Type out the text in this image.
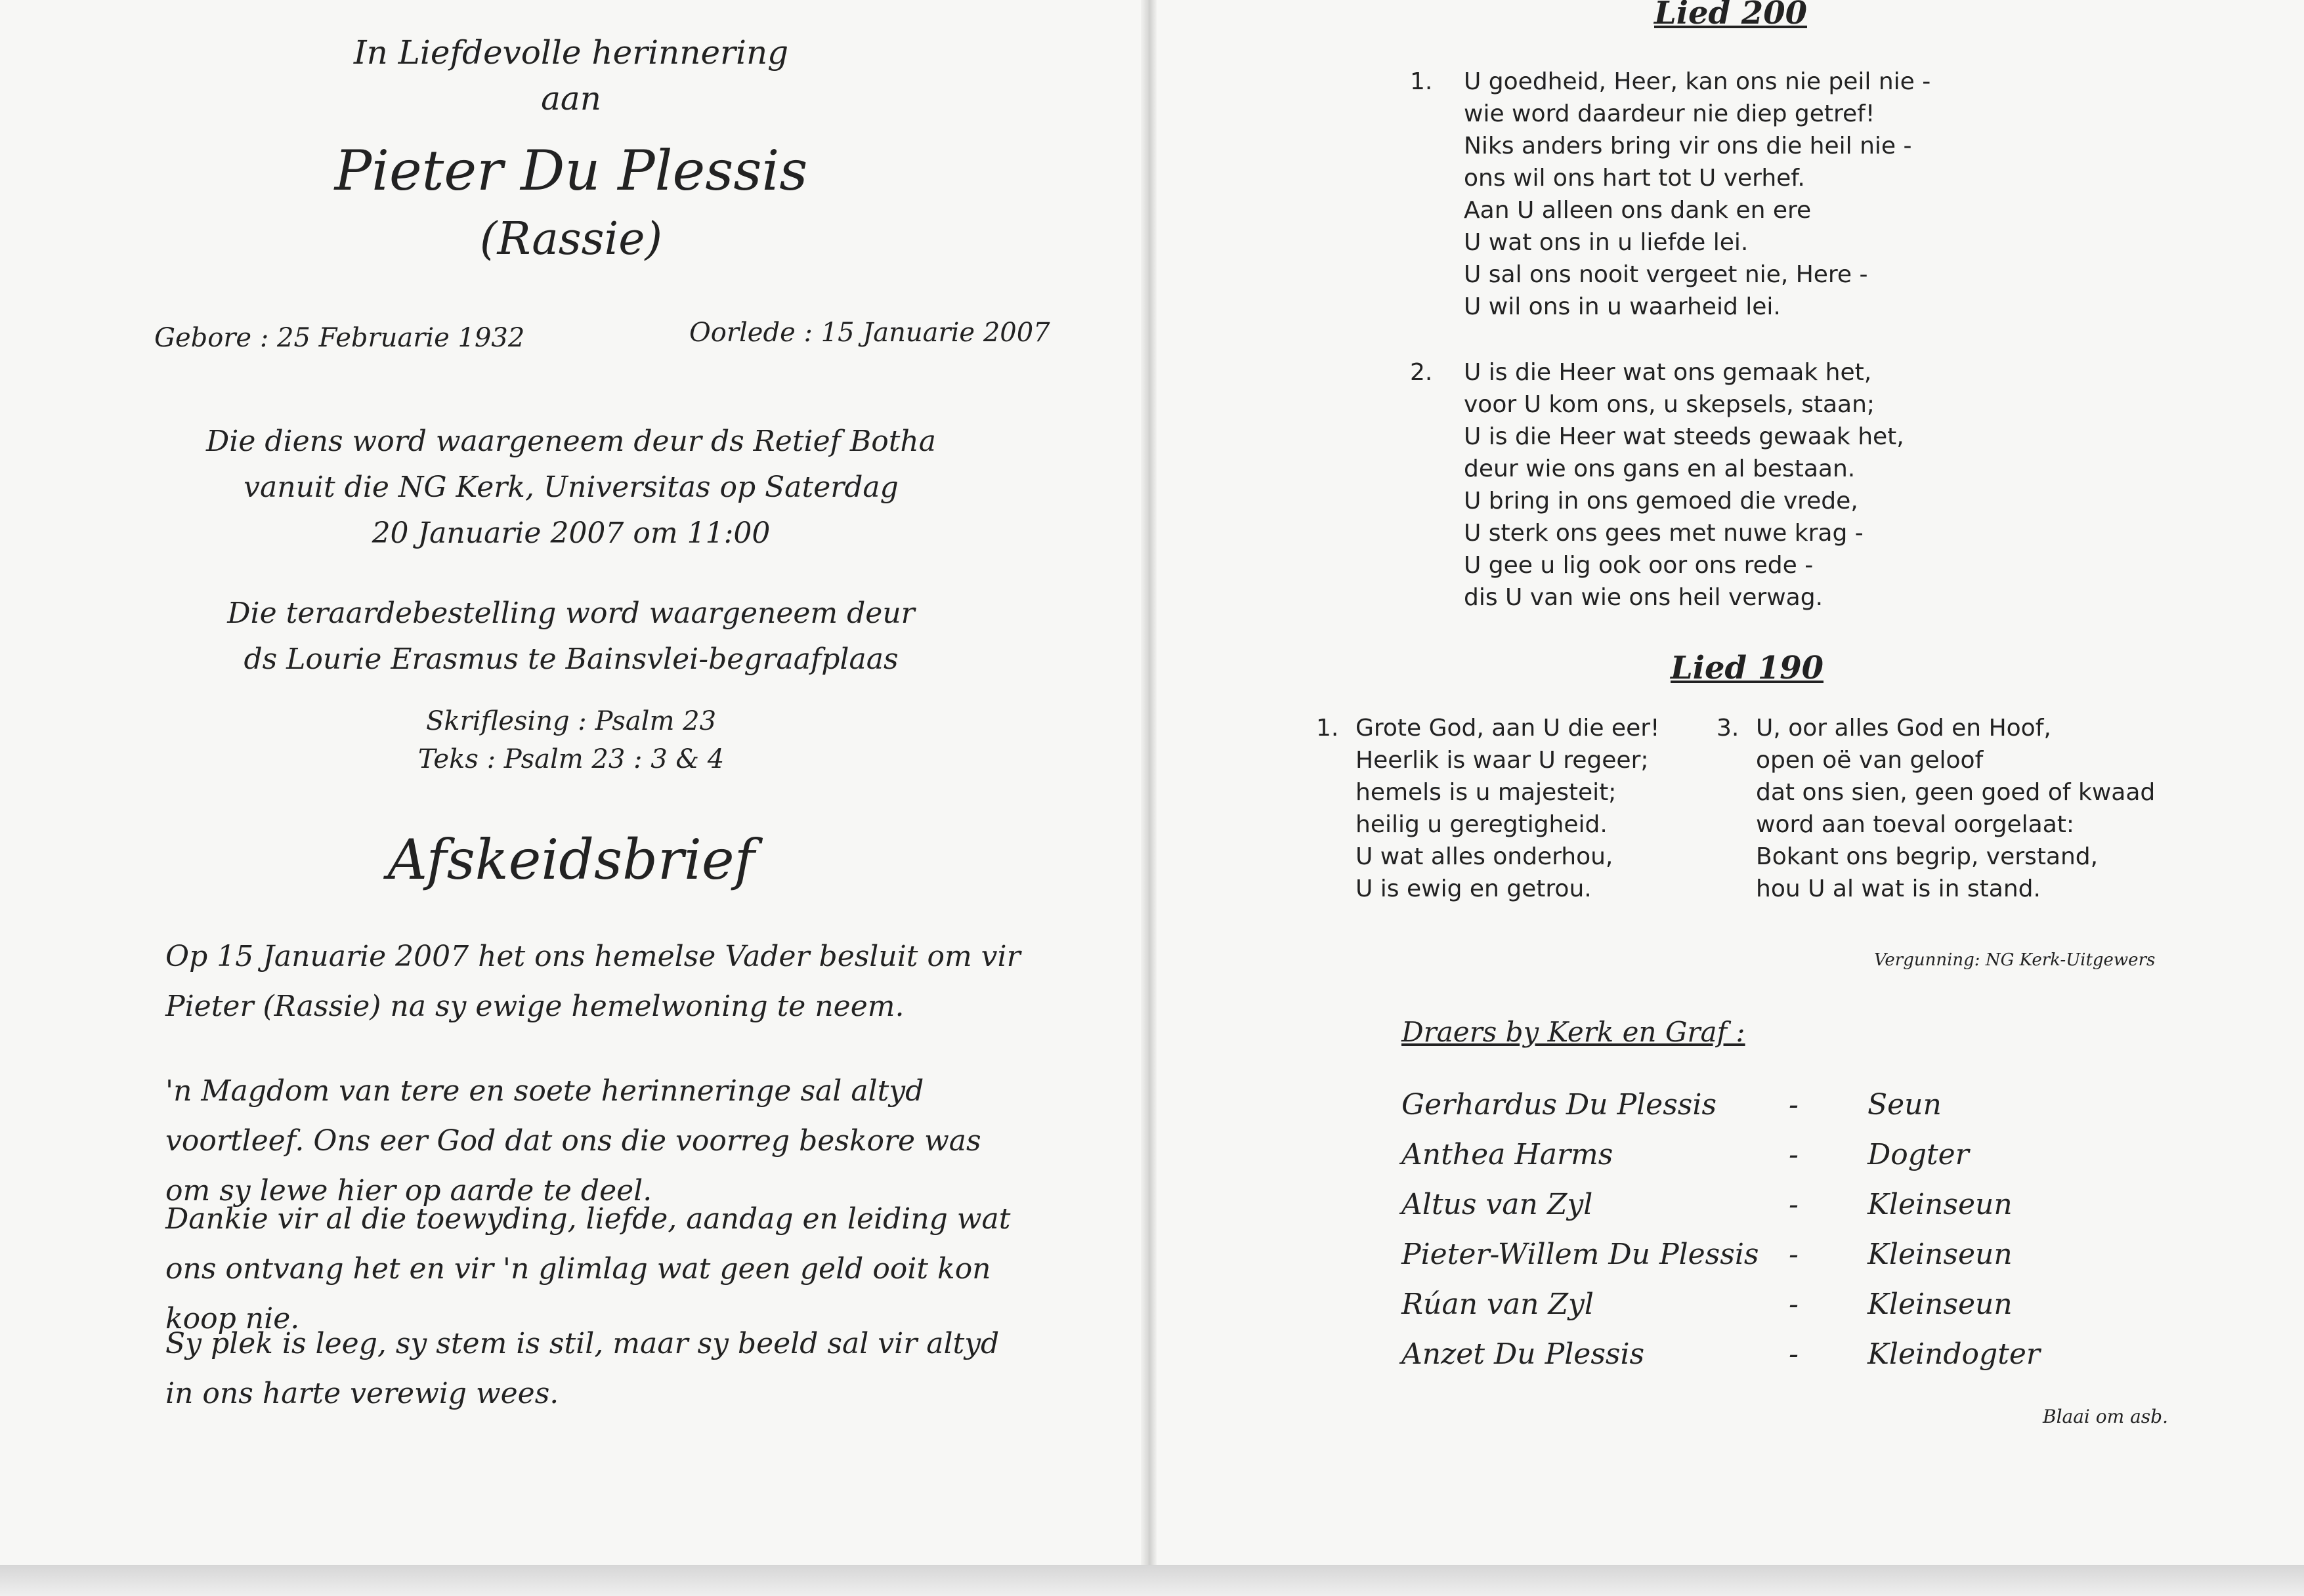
In Liefdevolle herinnering
aan
Pieter Du Plessis
(Rassie)
Gebore : 25 Februarie 1932	Oorlede : 15 Januarie 2007
Die diens word waargeneem deur ds Retief Botha
vanuit die NG Kerk, Universitas op Saterdag
20 Januarie 2007 om 11:00
Die teraardebestelling word waargeneem deur
ds Lourie Erasmus te Bainsvlei-begraafplaas
Skriflesing : Psalm 23
Teks : Psalm 23 : 3 & 4
Afskeidsbrief
Op 15 Januarie 2007 het ons hemelse Vader besluit om vir Pieter (Rassie) na sy ewige hemelwoning te neem.
'n Magdom van tere en soete herinneringe sal altyd voortleef. Ons eer God dat ons die voorreg beskore was om sy lewe hier op aarde te deel.
Dankie vir al die toewyding, liefde, aandag en leiding wat ons ontvang het en vir 'n glimlag wat geen geld ooit kon koop nie.
Sy plek is leeg, sy stem is stil, maar sy beeld sal vir altyd in ons harte verewig wees.
Lied 200
1. U goedheid, Heer, kan ons nie peil nie -
wie word daardeur nie diep getref!
Niks anders bring vir ons die heil nie -
ons wil ons hart tot U verhef.
Aan U alleen ons dank en ere
U wat ons in u liefde lei.
U sal ons nooit vergeet nie, Here -
U wil ons in u waarheid lei.
2. U is die Heer wat ons gemaak het,
voor U kom ons, u skepsels, staan;
U is die Heer wat steeds gewaak het,
deur wie ons gans en al bestaan.
U bring in ons gemoed die vrede,
U sterk ons gees met nuwe krag -
U gee u lig ook oor ons rede -
dis U van wie ons heil verwag.
Lied 190
1. Grote God, aan U die eer!
Heerlik is waar U regeer;
hemels is u majesteit;
heilig u geregtigheid.
U wat alles onderhou,
U is ewig en getrou.
3. U, oor alles God en Hoof,
open oë van geloof
dat ons sien, geen goed of kwaad
word aan toeval oorgelaat:
Bokant ons begrip, verstand,
hou U al wat is in stand.
Vergunning: NG Kerk-Uitgewers
Draers by Kerk en Graf :
Gerhardus Du Plessis - Seun
Anthea Harms	- Dogter
Altus van Zyl	- Kleinseun
Pieter-Willem Du Plessis - Kleinseun
Rúan van Zyl	- Kleinseun
Anzet Du Plessis	- Kleindogter
Blaai om asb.
